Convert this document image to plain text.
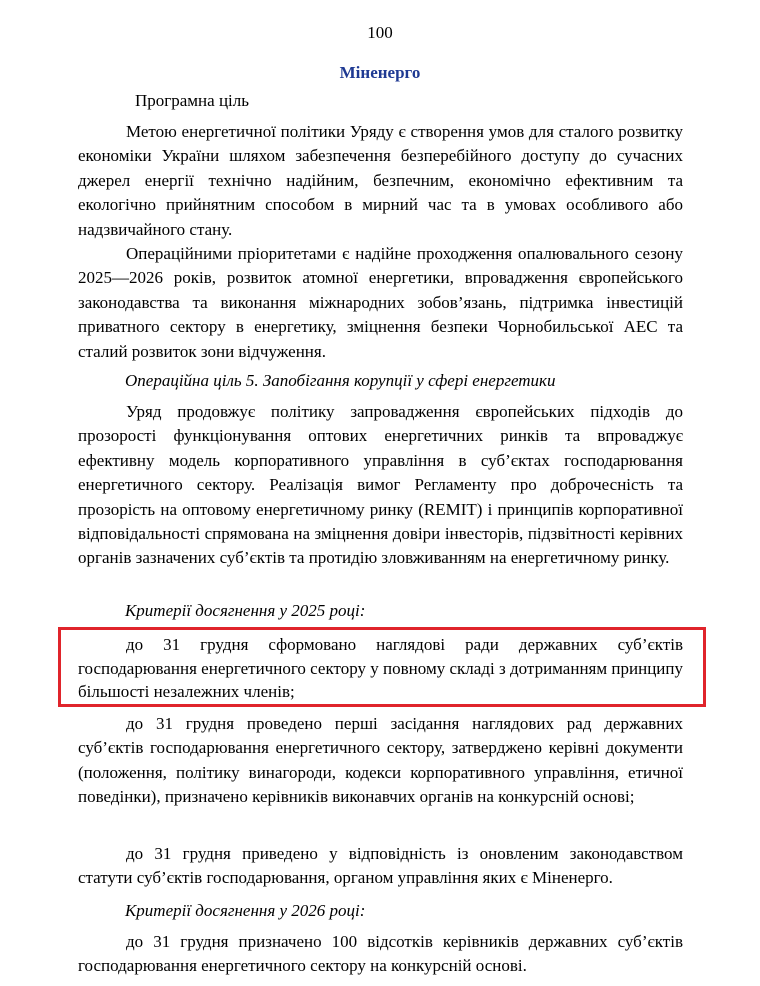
100
Міненерго
Програмна ціль
Метою енергетичної політики Уряду є створення умов для сталого розвитку економіки України шляхом забезпечення безперебійного доступу до сучасних джерел енергії технічно надійним, безпечним, економічно ефективним та екологічно прийнятним способом в мирний час та в умовах особливого або надзвичайного стану.
Операційними пріоритетами є надійне проходження опалювального сезону 2025—2026 років, розвиток атомної енергетики, впровадження європейського законодавства та виконання міжнародних зобов’язань, підтримка інвестицій приватного сектору в енергетику, зміцнення безпеки Чорнобильської АЕС та сталий розвиток зони відчуження.
Операційна ціль 5. Запобігання корупції у сфері енергетики
Уряд продовжує політику запровадження європейських підходів до прозорості функціонування оптових енергетичних ринків та впроваджує ефективну модель корпоративного управління в суб’єктах господарювання енергетичного сектору. Реалізація вимог Регламенту про доброчесність та прозорість на оптовому енергетичному ринку (REMIT) і принципів корпоративної відповідальності спрямована на зміцнення довіри інвесторів, підзвітності керівних органів зазначених суб’єктів та протидію зловживанням на енергетичному ринку.
Критерії досягнення у 2025 році:
до 31 грудня сформовано наглядові ради державних суб’єктів господарювання енергетичного сектору у повному складі з дотриманням принципу більшості незалежних членів;
до 31 грудня проведено перші засідання наглядових рад державних суб’єктів господарювання енергетичного сектору, затверджено керівні документи (положення, політику винагороди, кодекси корпоративного управління, етичної поведінки), призначено керівників виконавчих органів на конкурсній основі;
до 31 грудня приведено у відповідність із оновленим законодавством статути суб’єктів господарювання, органом управління яких є Міненерго.
Критерії досягнення у 2026 році:
до 31 грудня призначено 100 відсотків керівників державних суб’єктів господарювання енергетичного сектору на конкурсній основі.
